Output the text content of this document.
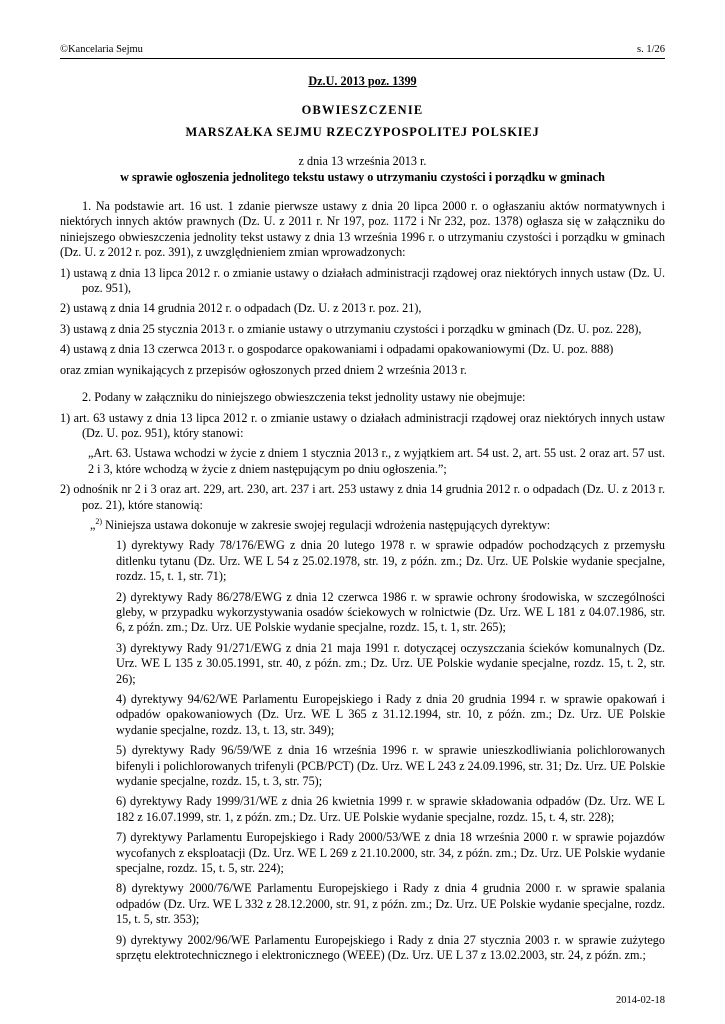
©Kancelaria Sejmu	s. 1/26

Dz.U. 2013 poz. 1399

OBWIESZCZENIE

MARSZAŁKA SEJMU RZECZYPOSPOLITEJ POLSKIEJ

z dnia 13 września 2013 r.

w sprawie ogłoszenia jednolitego tekstu ustawy o utrzymaniu czystości i porządku w gminach

1. Na podstawie art. 16 ust. 1 zdanie pierwsze ustawy z dnia 20 lipca 2000 r. o ogłaszaniu aktów normatywnych i niektórych innych aktów prawnych (Dz. U. z 2011 r. Nr 197, poz. 1172 i Nr 232, poz. 1378) ogłasza się w załączniku do niniejszego obwieszczenia jednolity tekst ustawy z dnia 13 września 1996 r. o utrzymaniu czystości i porządku w gminach (Dz. U. z 2012 r. poz. 391), z uwzględnieniem zmian wprowadzonych:

1) ustawą z dnia 13 lipca 2012 r. o zmianie ustawy o działach administracji rządowej oraz niektórych innych ustaw (Dz. U. poz. 951),

2) ustawą z dnia 14 grudnia 2012 r. o odpadach (Dz. U. z 2013 r. poz. 21),

3) ustawą z dnia 25 stycznia 2013 r. o zmianie ustawy o utrzymaniu czystości i porządku w gminach (Dz. U. poz. 228),

4) ustawą z dnia 13 czerwca 2013 r. o gospodarce opakowaniami i odpadami opakowaniowymi (Dz. U. poz. 888)

oraz zmian wynikających z przepisów ogłoszonych przed dniem 2 września 2013 r.

2. Podany w załączniku do niniejszego obwieszczenia tekst jednolity ustawy nie obejmuje:

1) art. 63 ustawy z dnia 13 lipca 2012 r. o zmianie ustawy o działach administracji rządowej oraz niektórych innych ustaw (Dz. U. poz. 951), który stanowi:

„Art. 63. Ustawa wchodzi w życie z dniem 1 stycznia 2013 r., z wyjątkiem art. 54 ust. 2, art. 55 ust. 2 oraz art. 57 ust. 2 i 3, które wchodzą w życie z dniem następującym po dniu ogłoszenia.”;

2) odnośnik nr 2 i 3 oraz art. 229, art. 230, art. 237 i art. 253 ustawy z dnia 14 grudnia 2012 r. o odpadach (Dz. U. z 2013 r. poz. 21), które stanowią:

„$^{2)}$ Niniejsza ustawa dokonuje w zakresie swojej regulacji wdrożenia następujących dyrektyw:

1) dyrektywy Rady 78/176/EWG z dnia 20 lutego 1978 r. w sprawie odpadów pochodzących z przemysłu ditlenku tytanu (Dz. Urz. WE L 54 z 25.02.1978, str. 19, z późn. zm.; Dz. Urz. UE Polskie wydanie specjalne, rozdz. 15, t. 1, str. 71);

2) dyrektywy Rady 86/278/EWG z dnia 12 czerwca 1986 r. w sprawie ochrony środowiska, w szczególności gleby, w przypadku wykorzystywania osadów ściekowych w rolnictwie (Dz. Urz. WE L 181 z 04.07.1986, str. 6, z późn. zm.; Dz. Urz. UE Polskie wydanie specjalne, rozdz. 15, t. 1, str. 265);

3) dyrektywy Rady 91/271/EWG z dnia 21 maja 1991 r. dotyczącej oczyszczania ścieków komunalnych (Dz. Urz. WE L 135 z 30.05.1991, str. 40, z późn. zm.; Dz. Urz. UE Polskie wydanie specjalne, rozdz. 15, t. 2, str. 26);

4) dyrektywy 94/62/WE Parlamentu Europejskiego i Rady z dnia 20 grudnia 1994 r. w sprawie opakowań i odpadów opakowaniowych (Dz. Urz. WE L 365 z 31.12.1994, str. 10, z późn. zm.; Dz. Urz. UE Polskie wydanie specjalne, rozdz. 13, t. 13, str. 349);

5) dyrektywy Rady 96/59/WE z dnia 16 września 1996 r. w sprawie unieszkodliwiania polichlorowanych bifenyli i polichlorowanych trifenyli (PCB/PCT) (Dz. Urz. WE L 243 z 24.09.1996, str. 31; Dz. Urz. UE Polskie wydanie specjalne, rozdz. 15, t. 3, str. 75);

6) dyrektywy Rady 1999/31/WE z dnia 26 kwietnia 1999 r. w sprawie składowania odpadów (Dz. Urz. WE L 182 z 16.07.1999, str. 1, z późn. zm.; Dz. Urz. UE Polskie wydanie specjalne, rozdz. 15, t. 4, str. 228);

7) dyrektywy Parlamentu Europejskiego i Rady 2000/53/WE z dnia 18 września 2000 r. w sprawie pojazdów wycofanych z eksploatacji (Dz. Urz. WE L 269 z 21.10.2000, str. 34, z późn. zm.; Dz. Urz. UE Polskie wydanie specjalne, rozdz. 15, t. 5, str. 224);

8) dyrektywy 2000/76/WE Parlamentu Europejskiego i Rady z dnia 4 grudnia 2000 r. w sprawie spalania odpadów (Dz. Urz. WE L 332 z 28.12.2000, str. 91, z późn. zm.; Dz. Urz. UE Polskie wydanie specjalne, rozdz. 15, t. 5, str. 353);

9) dyrektywy 2002/96/WE Parlamentu Europejskiego i Rady z dnia 27 stycznia 2003 r. w sprawie zużytego sprzętu elektrotechnicznego i elektronicznego (WEEE) (Dz. Urz. UE L 37 z 13.02.2003, str. 24, z późn. zm.;

2014-02-18
